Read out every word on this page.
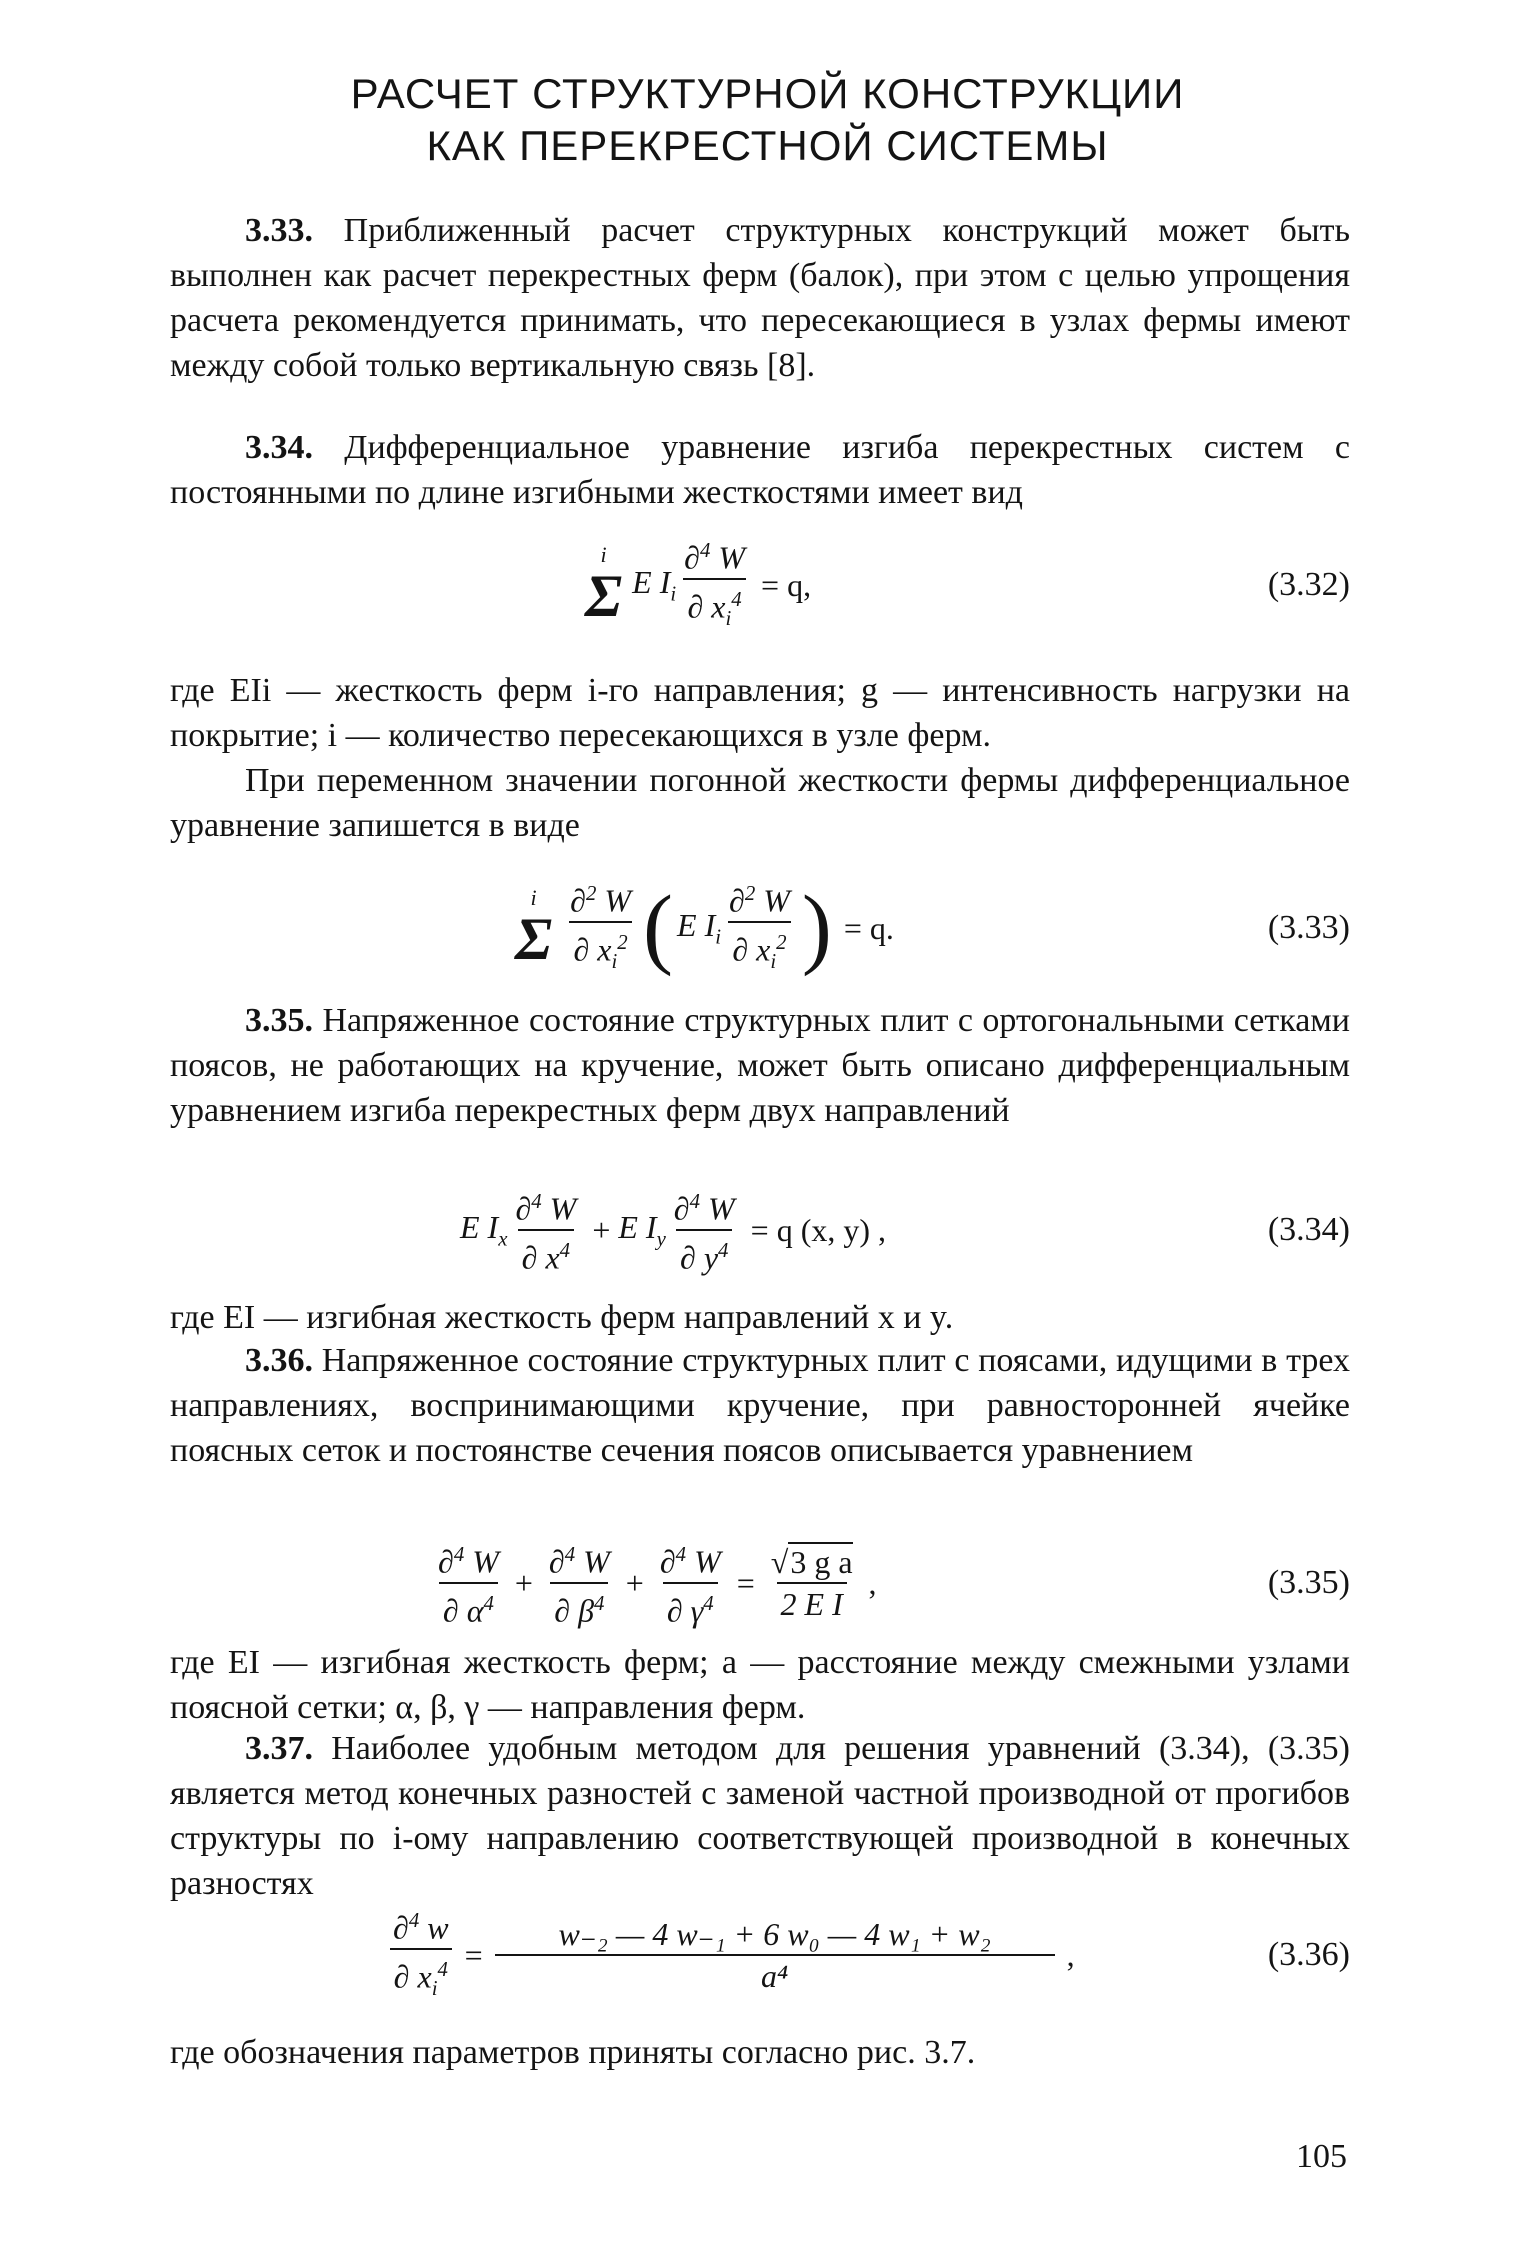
РАСЧЕТ СТРУКТУРНОЙ КОНСТРУКЦИИ
КАК ПЕРЕКРЕСТНОЙ СИСТЕМЫ

3.33. Приближенный расчет структурных конструкций может быть выполнен как расчет перекрестных ферм (балок), при этом с целью упрощения расчета рекомендуется принимать, что пересекающиеся в узлах фермы имеют между собой только вертикальную связь [8].

3.34. Дифференциальное уравнение изгиба перекрестных систем с постоянными по длине изгибными жесткостями имеет вид

i
Σ E $I_i \frac{\partial^4 W}{\partial x_i^4} = q$,	(3.32)

где EIi — жесткость ферм i-го направления; g — интенсивность нагрузки на покрытие; i — количество пересекающихся в узле ферм.

При переменном значении погонной жесткости фермы дифференциальное уравнение запишется в виде

i
Σ $\frac{\partial^2 W}{\partial x_i^2}$ ( E $I_i \frac{\partial^2 W}{\partial x_i^2}$ ) = q.	(3.33)

3.35. Напряженное состояние структурных плит с ортогональными сетками поясов, не работающих на кручение, может быть описано дифференциальным уравнением изгиба перекрестных ферм двух направлений

E $I_x \frac{\partial^4 W}{\partial x^4} + E$ $I_y \frac{\partial^4 W}{\partial y^4} = q$ (x, y) ,	(3.34)

где EI — изгибная жесткость ферм направлений x и y.

3.36. Напряженное состояние структурных плит с поясами, идущими в трех направлениях, воспринимающими кручение, при равносторонней ячейке поясных сеток и постоянстве сечения поясов описывается уравнением

$\frac{\partial^4 W}{\partial \alpha^4} + \frac{\partial^4 W}{\partial \beta^4} + \frac{\partial^4 W}{\partial \gamma^4} = \frac{\text{√3 g a}}{\text{2 E I}}$ ,	(3.35)

где EI — изгибная жесткость ферм; a — расстояние между смежными узлами поясной сетки; α, β, γ — направления ферм.

3.37. Наиболее удобным методом для решения уравнений (3.34), (3.35) является метод конечных разностей с заменой частной производной от прогибов структуры по i-ому направлению соответствующей производной в конечных разностях

$\frac{\partial^4 w}{\partial x_i^4} = \frac{\text{w₋₂ — 4 w₋₁ + 6 w₀ — 4 w₁ + w₂}}{\text{a⁴}}$ ,	(3.36)

где обозначения параметров приняты согласно рис. 3.7.

105
